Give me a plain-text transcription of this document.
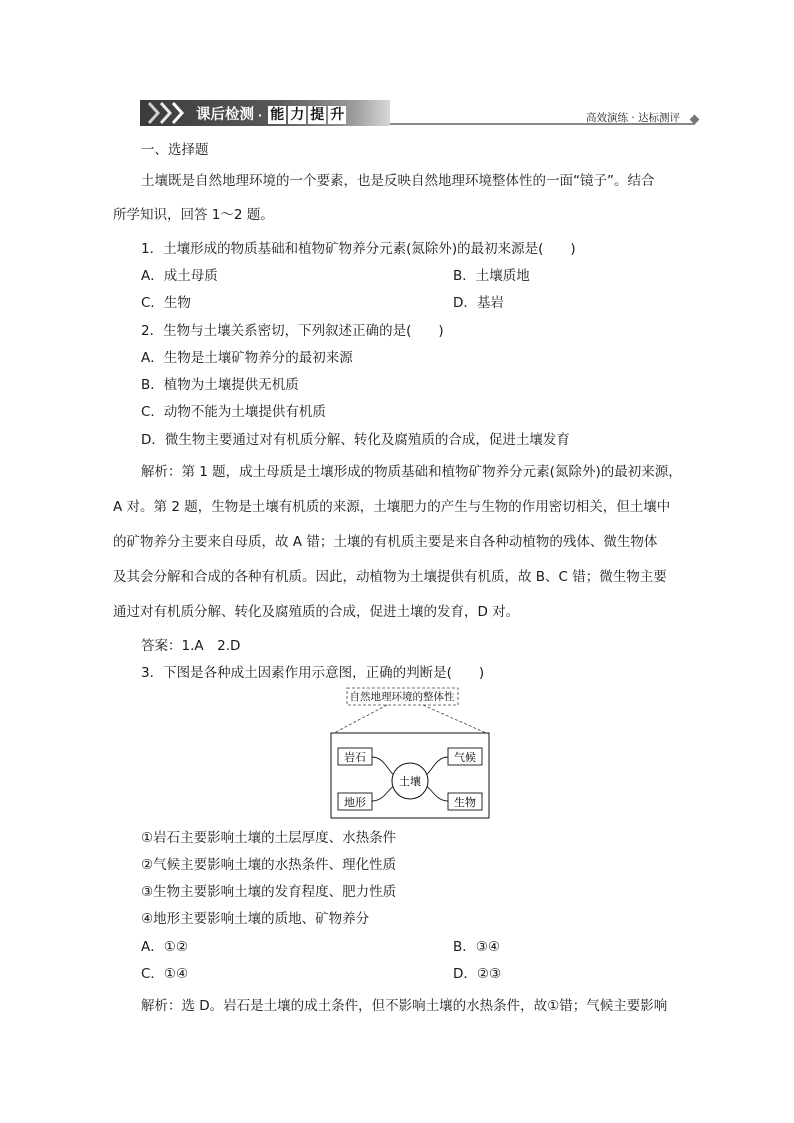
课后检测 · 能 力 提 升	高效演练 · 达标测评
一、选择题
土壤既是自然地理环境的一个要素，也是反映自然地理环境整体性的一面“镜子”。结合
所学知识，回答 1～2 题。
1．土壤形成的物质基础和植物矿物养分元素(氮除外)的最初来源是(　　)
A．成土母质	B．土壤质地
C．生物	D．基岩
2．生物与土壤关系密切，下列叙述正确的是(　　)
A．生物是土壤矿物养分的最初来源
B．植物为土壤提供无机质
C．动物不能为土壤提供有机质
D．微生物主要通过对有机质分解、转化及腐殖质的合成，促进土壤发育
解析：第 1 题，成土母质是土壤形成的物质基础和植物矿物养分元素(氮除外)的最初来源，
A 对。第 2 题，生物是土壤有机质的来源，土壤肥力的产生与生物的作用密切相关，但土壤中
的矿物养分主要来自母质，故 A 错；土壤的有机质主要是来自各种动植物的残体、微生物体
及其会分解和合成的各种有机质。因此，动植物为土壤提供有机质，故 B、C 错；微生物主要
通过对有机质分解、转化及腐殖质的合成，促进土壤的发育，D 对。
答案：1.A　2.D
3．下图是各种成土因素作用示意图，正确的判断是(　　)
自然地理环境的整体性
岩石	气候
地形	生物
土壤
①岩石主要影响土壤的土层厚度、水热条件
②气候主要影响土壤的水热条件、理化性质
③生物主要影响土壤的发育程度、肥力性质
④地形主要影响土壤的质地、矿物养分
A．①②	B．③④
C．①④	D．②③
解析：选 D。岩石是土壤的成土条件，但不影响土壤的水热条件，故①错；气候主要影响
